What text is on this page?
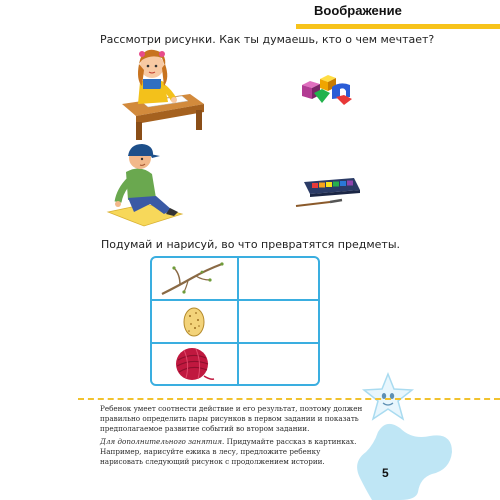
Воображение
Рассмотри рисунки. Как ты думаешь, кто о чем мечтает?
Подумай и нарисуй, во что превратятся предметы.
Ребенок умеет соотнести действие и его результат, поэтому должен правильно определить пары рисунков в первом задании и показать предполагаемое развитие событий во втором задании.
Для дополнительного занятия. Придумайте рассказ в картинках. Например, нарисуйте ежика в лесу, предложите ребенку нарисовать следующий рисунок с продолжением истории.
5
